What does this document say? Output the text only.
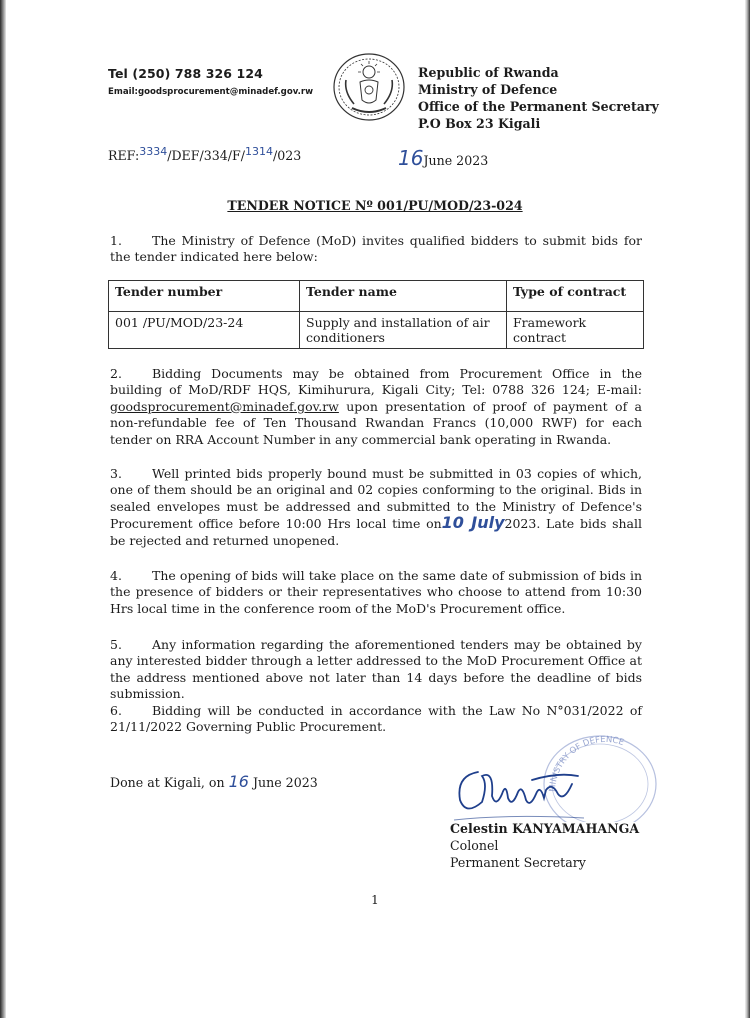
Tel (250) 788 326 124
Email:goodsprocurement@minadef.gov.rw
Republic of Rwanda
Ministry of Defence
Office of the Permanent Secretary
P.O Box 23 Kigali
REF:3334/DEF/334/F/1314/023	16June 2023
TENDER NOTICE Nº 001/PU/MOD/23-024
1. The Ministry of Defence (MoD) invites qualified bidders to submit bids for the tender indicated here below:
Tender number	Tender name	Type of contract
001 /PU/MOD/23-24	Supply and installation of air conditioners	Framework contract
2. Bidding Documents may be obtained from Procurement Office in the building of MoD/RDF HQS, Kimihurura, Kigali City; Tel: 0788 326 124; E-mail: goodsprocurement@minadef.gov.rw upon presentation of proof of payment of a non-refundable fee of Ten Thousand Rwandan Francs (10,000 RWF) for each tender on RRA Account Number in any commercial bank operating in Rwanda.
3. Well printed bids properly bound must be submitted in 03 copies of which, one of them should be an original and 02 copies conforming to the original. Bids in sealed envelopes must be addressed and submitted to the Ministry of Defence's Procurement office before 10:00 Hrs local time on10 July2023. Late bids shall be rejected and returned unopened.
4. The opening of bids will take place on the same date of submission of bids in the presence of bidders or their representatives who choose to attend from 10:30 Hrs local time in the conference room of the MoD's Procurement office.
5. Any information regarding the aforementioned tenders may be obtained by any interested bidder through a letter addressed to the MoD Procurement Office at the address mentioned above not later than 14 days before the deadline of bids submission.
6. Bidding will be conducted in accordance with the Law No N°031/2022 of 21/11/2022 Governing Public Procurement.
Done at Kigali, on 16 June 2023	MINISTRY OF DEFENCE
Celestin KANYAMAHANGA
Colonel
Permanent Secretary
1
